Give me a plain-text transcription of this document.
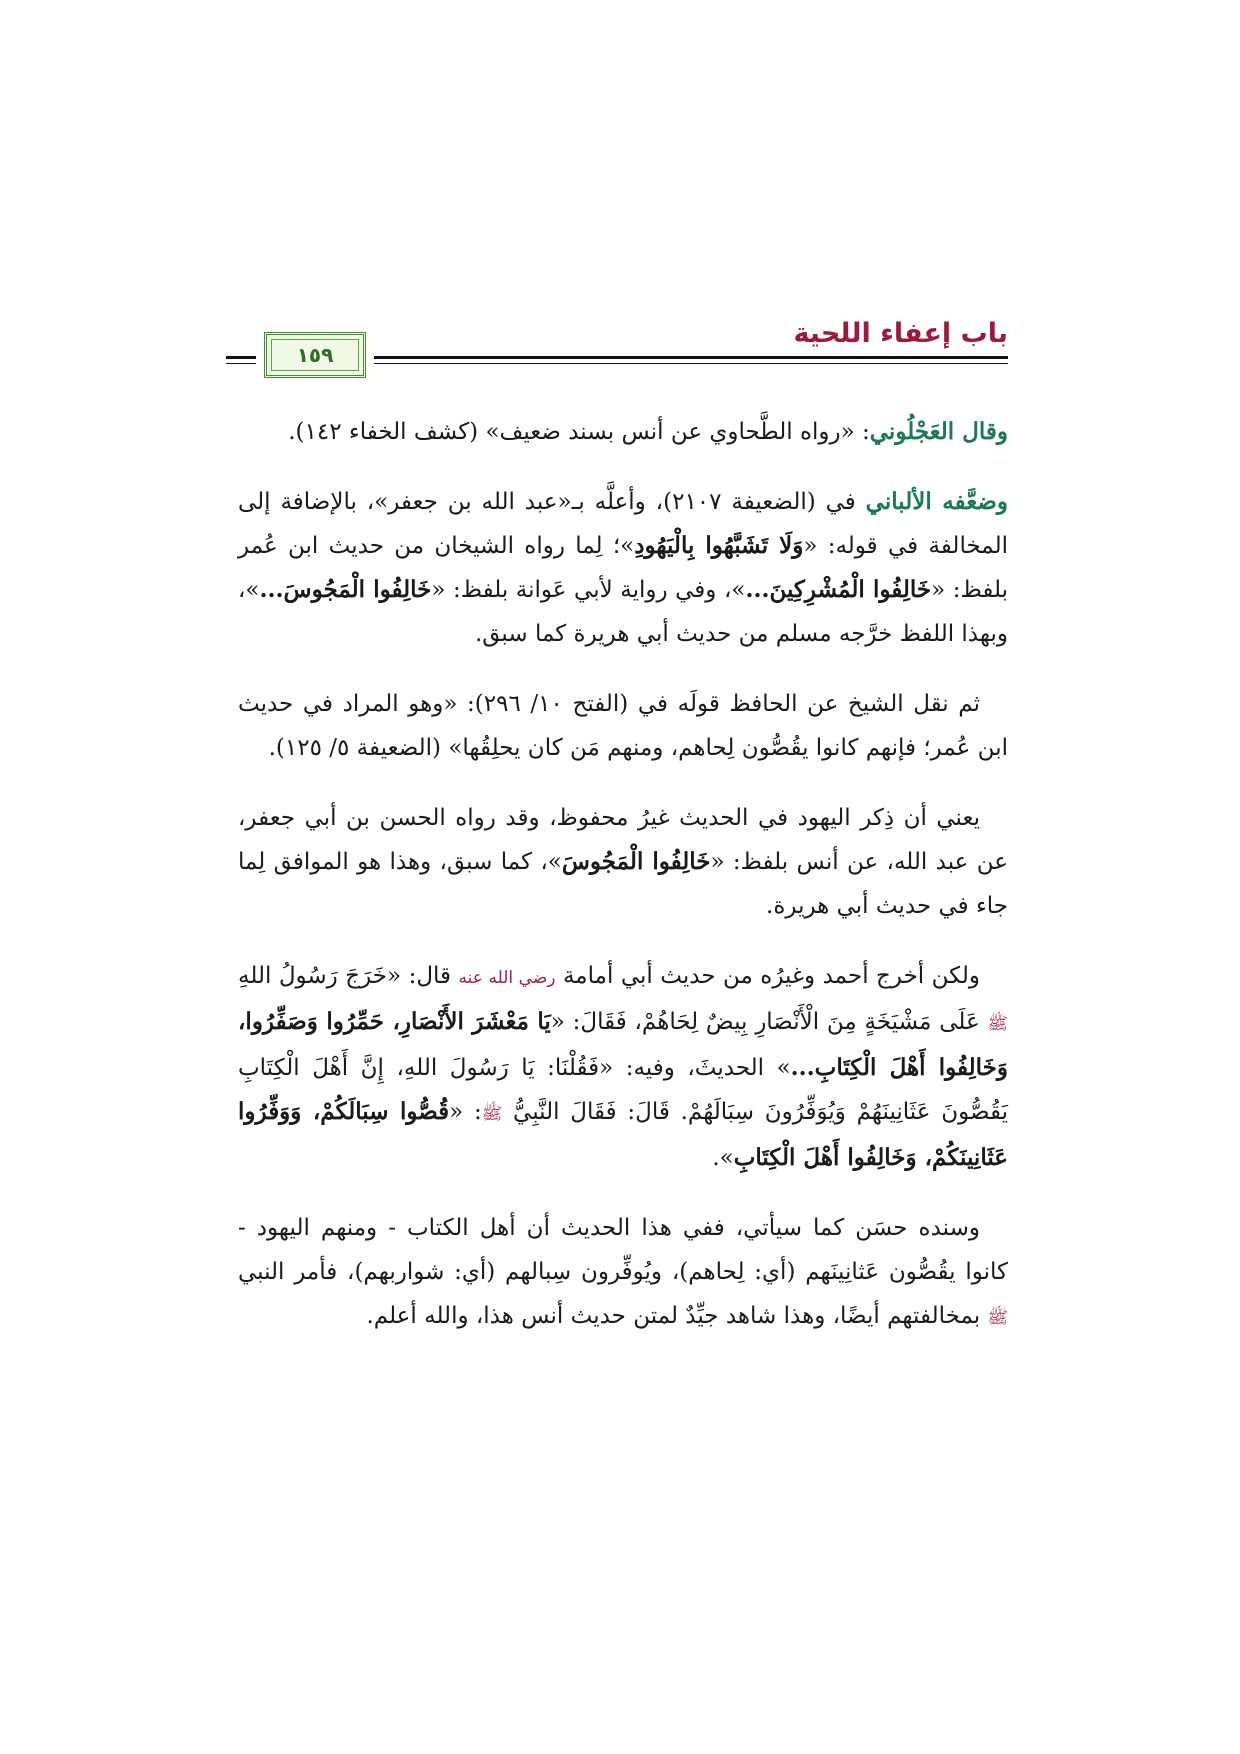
باب إعفاء اللحية
١٥٩

وقال العَجْلُوني: «رواه الطَّحاوي عن أنس بسند ضعيف» (كشف الخفاء ١٤٢).

وضعَّفه الألباني في (الضعيفة ٢١٠٧)، وأعلَّه بـ«عبد الله بن جعفر»، بالإضافة إلى المخالفة في قوله: «وَلَا تَشَبَّهُوا بِالْيَهُودِ»؛ لِما رواه الشيخان من حديث ابن عُمر بلفظ: «خَالِفُوا الْمُشْرِكِينَ...»، وفي رواية لأبي عَوانة بلفظ: «خَالِفُوا الْمَجُوسَ...»، وبهذا اللفظ خرَّجه مسلم من حديث أبي هريرة كما سبق.

ثم نقل الشيخ عن الحافظ قولَه في (الفتح ١٠/ ٢٩٦): «وهو المراد في حديث ابن عُمر؛ فإنهم كانوا يقُصُّون لِحاهم، ومنهم مَن كان يحلِقُها» (الضعيفة ٥/ ١٢٥).

يعني أن ذِكر اليهود في الحديث غيرُ محفوظ، وقد رواه الحسن بن أبي جعفر، عن عبد الله، عن أنس بلفظ: «خَالِفُوا الْمَجُوسَ»، كما سبق، وهذا هو الموافق لِما جاء في حديث أبي هريرة.

ولكن أخرج أحمد وغيرُه من حديث أبي أمامة رضي الله عنه قال: «خَرَجَ رَسُولُ اللهِ ﷺ عَلَى مَشْيَخَةٍ مِنَ الْأَنْصَارِ بِيضٌ لِحَاهُمْ، فَقَالَ: «يَا مَعْشَرَ الأَنْصَارِ، حَمِّرُوا وَصَفِّرُوا، وَخَالِفُوا أَهْلَ الْكِتَابِ...» الحديثَ، وفيه: «فَقُلْنَا: يَا رَسُولَ اللهِ، إِنَّ أَهْلَ الْكِتَابِ يَقُصُّونَ عَثَانِينَهُمْ وَيُوَفِّرُونَ سِبَالَهُمْ. قَالَ: فَقَالَ النَّبِيُّ ﷺ: «قُصُّوا سِبَالَكُمْ، وَوَفِّرُوا عَثَانِينَكُمْ، وَخَالِفُوا أَهْلَ الْكِتَابِ».

وسنده حسَن كما سيأتي، ففي هذا الحديث أن أهل الكتاب - ومنهم اليهود - كانوا يقُصُّون عَثانِينَهم (أي: لِحاهم)، ويُوفِّرون سِبالهم (أي: شواربهم)، فأمر النبي ﷺ بمخالفتهم أيضًا، وهذا شاهد جيِّدٌ لمتن حديث أنس هذا، والله أعلم.
